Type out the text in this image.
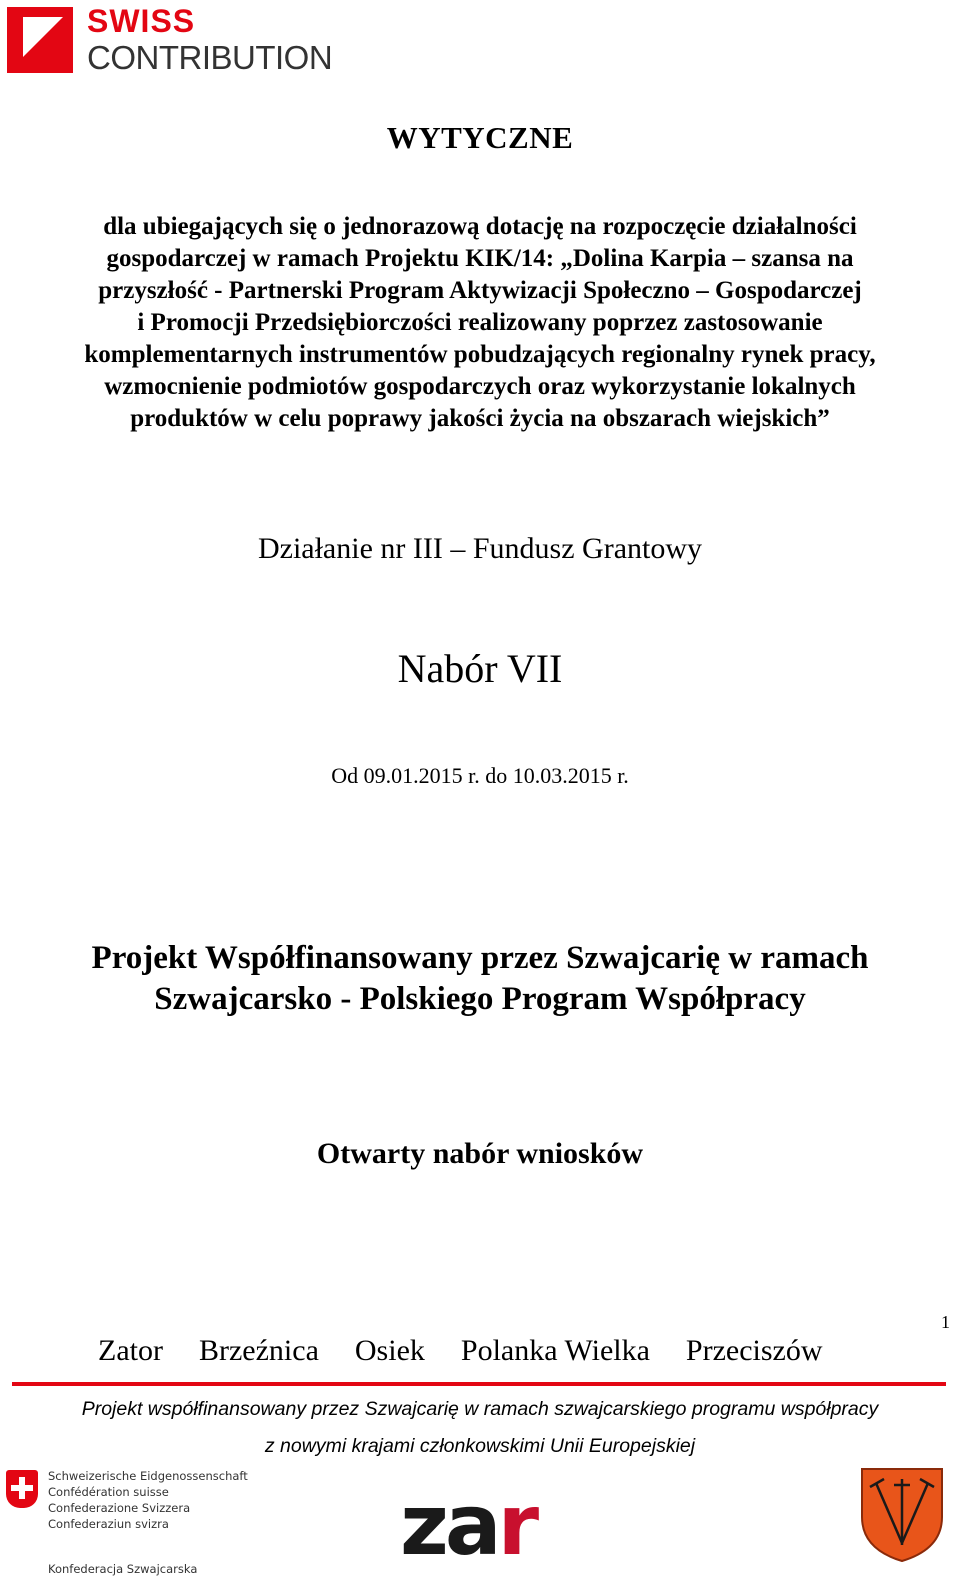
SWISS
CONTRIBUTION
WYTYCZNE
dla ubiegających się o jednorazową dotację na rozpoczęcie działalności
gospodarczej w ramach Projektu KIK/14: „Dolina Karpia – szansa na
przyszłość - Partnerski Program Aktywizacji Społeczno – Gospodarczej
i Promocji Przedsiębiorczości realizowany poprzez zastosowanie
komplementarnych instrumentów pobudzających regionalny rynek pracy,
wzmocnienie podmiotów gospodarczych oraz wykorzystanie lokalnych
produktów w celu poprawy jakości życia na obszarach wiejskich”
Działanie nr III – Fundusz Grantowy
Nabór VII
Od 09.01.2015 r. do 10.03.2015 r.
Projekt Współfinansowany przez Szwajcarię w ramach
Szwajcarsko - Polskiego Program Współpracy
Otwarty nabór wniosków
1
Zator Brzeźnica Osiek Polanka Wielka Przeciszów
Projekt współfinansowany przez Szwajcarię w ramach szwajcarskiego programu współpracy
z nowymi krajami członkowskimi Unii Europejskiej
Schweizerische Eidgenossenschaft
Confédération suisse
Confederazione Svizzera
Confederaziun svizra
Konfederacja Szwajcarska zar
